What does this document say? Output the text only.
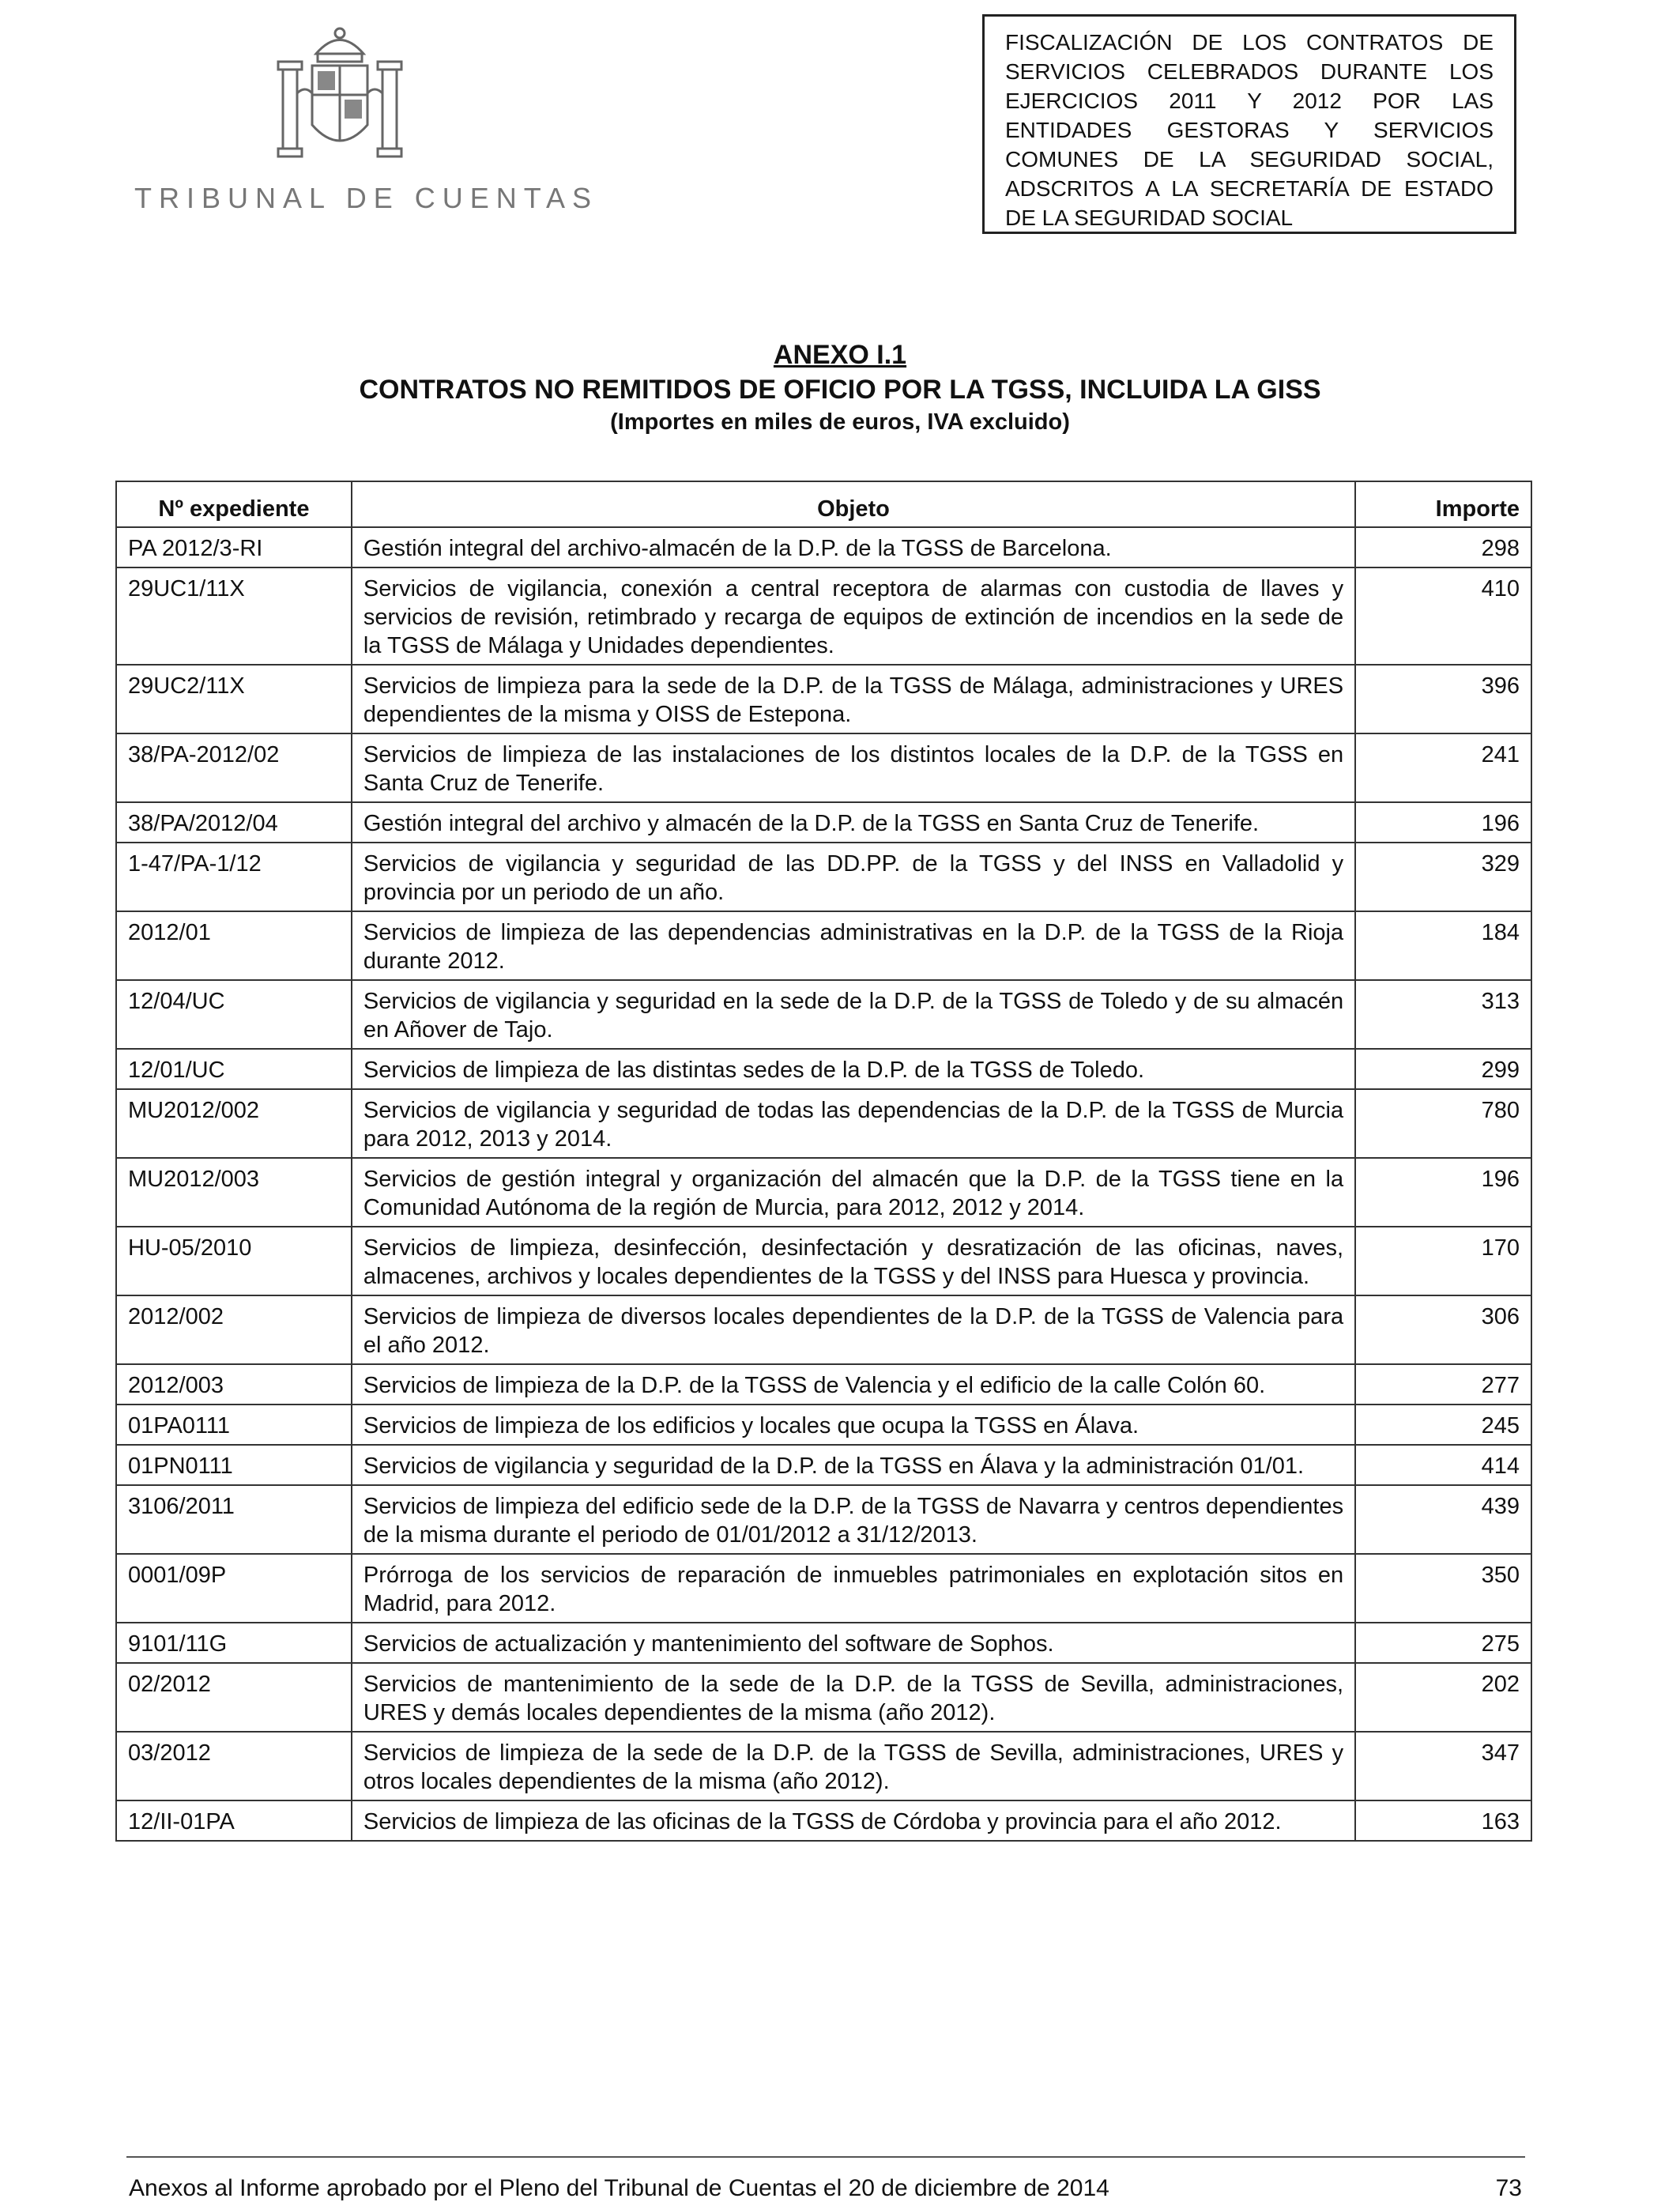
TRIBUNAL DE CUENTAS
FISCALIZACIÓN DE LOS CONTRATOS DE SERVICIOS CELEBRADOS DURANTE LOS EJERCICIOS 2011 Y 2012 POR LAS ENTIDADES GESTORAS Y SERVICIOS COMUNES DE LA SEGURIDAD SOCIAL, ADSCRITOS A LA SECRETARÍA DE ESTADO DE LA SEGURIDAD SOCIAL
ANEXO I.1
CONTRATOS NO REMITIDOS DE OFICIO POR LA TGSS, INCLUIDA LA GISS
(Importes en miles de euros, IVA excluido)
Nº expediente	Objeto	Importe
PA 2012/3-RI	Gestión integral del archivo-almacén de la D.P. de la TGSS de Barcelona.	298
29UC1/11X	Servicios de vigilancia, conexión a central receptora de alarmas con custodia de llaves y servicios de revisión, retimbrado y recarga de equipos de extinción de incendios en la sede de la TGSS de Málaga y Unidades dependientes.	410
29UC2/11X	Servicios de limpieza para la sede de la D.P. de la TGSS de Málaga, administraciones y URES dependientes de la misma y OISS de Estepona.	396
38/PA-2012/02	Servicios de limpieza de las instalaciones de los distintos locales de la D.P. de la TGSS en Santa Cruz de Tenerife.	241
38/PA/2012/04	Gestión integral del archivo y almacén de la D.P. de la TGSS en Santa Cruz de Tenerife.	196
1-47/PA-1/12	Servicios de vigilancia y seguridad de las DD.PP. de la TGSS y del INSS en Valladolid y provincia por un periodo de un año.	329
2012/01	Servicios de limpieza de las dependencias administrativas en la D.P. de la TGSS de la Rioja durante 2012.	184
12/04/UC	Servicios de vigilancia y seguridad en la sede de la D.P. de la TGSS de Toledo y de su almacén en Añover de Tajo.	313
12/01/UC	Servicios de limpieza de las distintas sedes de la D.P. de la TGSS de Toledo.	299
MU2012/002	Servicios de vigilancia y seguridad de todas las dependencias de la D.P. de la TGSS de Murcia para 2012, 2013 y 2014.	780
MU2012/003	Servicios de gestión integral y organización del almacén que la D.P. de la TGSS tiene en la Comunidad Autónoma de la región de Murcia, para 2012, 2012 y 2014.	196
HU-05/2010	Servicios de limpieza, desinfección, desinfectación y desratización de las oficinas, naves, almacenes, archivos y locales dependientes de la TGSS y del INSS para Huesca y provincia.	170
2012/002	Servicios de limpieza de diversos locales dependientes de la D.P. de la TGSS de Valencia para el año 2012.	306
2012/003	Servicios de limpieza de la D.P. de la TGSS de Valencia y el edificio de la calle Colón 60.	277
01PA0111	Servicios de limpieza de los edificios y locales que ocupa la TGSS en Álava.	245
01PN0111	Servicios de vigilancia y seguridad de la D.P. de la TGSS en Álava y la administración 01/01.	414
3106/2011	Servicios de limpieza del edificio sede de la D.P. de la TGSS de Navarra y centros dependientes de la misma durante el periodo de 01/01/2012 a 31/12/2013.	439
0001/09P	Prórroga de los servicios de reparación de inmuebles patrimoniales en explotación sitos en Madrid, para 2012.	350
9101/11G	Servicios de actualización y mantenimiento del software de Sophos.	275
02/2012	Servicios de mantenimiento de la sede de la D.P. de la TGSS de Sevilla, administraciones, URES y demás locales dependientes de la misma (año 2012).	202
03/2012	Servicios de limpieza de la sede de la D.P. de la TGSS de Sevilla, administraciones, URES y otros locales dependientes de la misma (año 2012).	347
12/II-01PA	Servicios de limpieza de las oficinas de la TGSS de Córdoba y provincia para el año 2012.	163
Anexos al Informe aprobado por el Pleno del Tribunal de Cuentas el 20 de diciembre de 2014	73
